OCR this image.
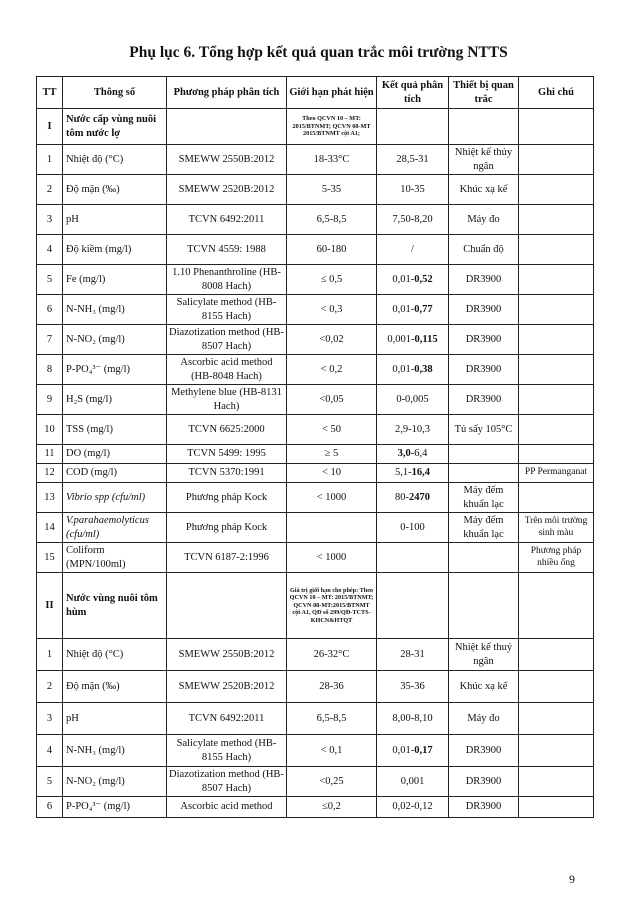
Phụ lục 6. Tổng hợp kết quả quan trắc môi trường NTTS
TT	Thông số	Phương pháp phân tích	Giới hạn phát hiện	Kết quả phân tích	Thiết bị quan trắc	Ghi chú
I	Nước cấp vùng nuôi tôm nước lợ		Theo QCVN 10 – MT: 2015/BTNMT; QCVN 08-MT 2015/BTNMT cột A1;			
1	Nhiệt độ (°C)	SMEWW 2550B:2012	18-33°C	28,5-31	Nhiệt kế thủy ngân	
2	Độ mặn (‰)	SMEWW 2520B:2012	5-35	10-35	Khúc xạ kế	
3	pH	TCVN 6492:2011	6,5-8,5	7,50-8,20	Máy đo	
4	Độ kiềm (mg/l)	TCVN 4559: 1988	60-180	/	Chuẩn độ	
5	Fe (mg/l)	1.10 Phenanthroline (HB-8008 Hach)	≤ 0,5	0,01-0,52	DR3900	
6	N-NH₃ (mg/l)	Salicylate method (HB-8155 Hach)	< 0,3	0,01-0,77	DR3900	
7	N-NO₂ (mg/l)	Diazotization method (HB-8507 Hach)	<0,02	0,001-0,115	DR3900	
8	P-PO₄³⁻ (mg/l)	Ascorbic acid method (HB-8048 Hach)	< 0,2	0,01-0,38	DR3900	
9	H₂S (mg/l)	Methylene blue (HB-8131 Hach)	<0,05	0-0,005	DR3900	
10	TSS (mg/l)	TCVN 6625:2000	< 50	2,9-10,3	Tủ sấy 105°C	
11	DO (mg/l)	TCVN 5499: 1995	≥ 5	3,0-6,4		
12	COD (mg/l)	TCVN 5370:1991	< 10	5,1-16,4		PP Permanganat
13	Vibrio spp (cfu/ml)	Phương pháp Kock	< 1000	80-2470	Máy đếm khuẩn lạc	
14	V.parahaemolyticus (cfu/ml)	Phương pháp Kock		0-100	Máy đếm khuẩn lạc	Trên môi trường sinh màu
15	Coliform (MPN/100ml)	TCVN 6187-2:1996	< 1000			Phương pháp nhiều ống
II	Nước vùng nuôi tôm hùm		Giá trị giới hạn cho phép: Theo QCVN 10 – MT: 2015/BTNMT; QCVN 08-MT:2015/BTNMT cột A1, QĐ số 299/QĐ-TCTS-KHCN&HTQT			
1	Nhiệt độ (°C)	SMEWW 2550B:2012	26-32°C	28-31	Nhiệt kế thuỷ ngân	
2	Độ mặn (‰)	SMEWW 2520B:2012	28-36	35-36	Khúc xạ kế	
3	pH	TCVN 6492:2011	6,5-8,5	8,00-8,10	Máy đo	
4	N-NH₃ (mg/l)	Salicylate method (HB-8155 Hach)	< 0,1	0,01-0,17	DR3900	
5	N-NO₂ (mg/l)	Diazotization method (HB-8507 Hach)	<0,25	0,001	DR3900	
6	P-PO₄³⁻ (mg/l)	Ascorbic acid method	≤0,2	0,02-0,12	DR3900	
9
